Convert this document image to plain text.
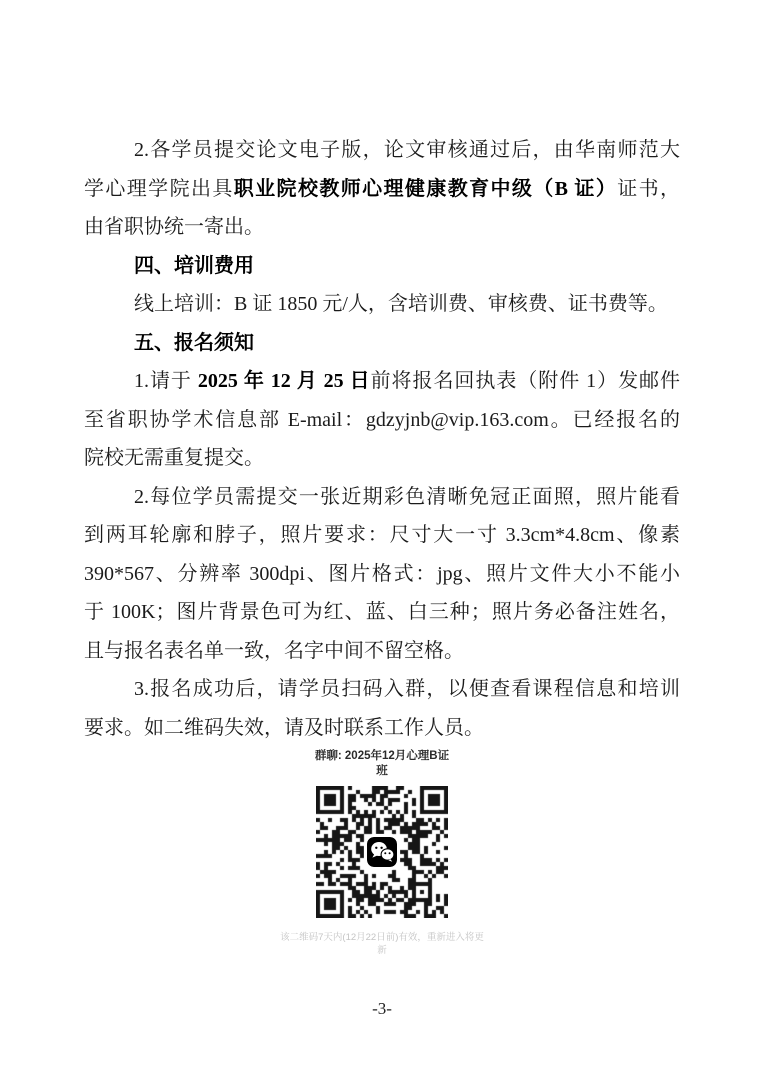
2.各学员提交论文电子版，论文审核通过后，由华南师范大
学心理学院出具职业院校教师心理健康教育中级（B 证）证书，
由省职协统一寄出。

四、培训费用

线上培训：B 证 1850 元/人，含培训费、审核费、证书费等。

五、报名须知

1.请于 2025 年 12 月 25 日前将报名回执表（附件 1）发邮件
至省职协学术信息部 E-mail：gdzyjnb@vip.163.com。已经报名的
院校无需重复提交。

2.每位学员需提交一张近期彩色清晰免冠正面照，照片能看
到两耳轮廓和脖子，照片要求：尺寸大一寸 3.3cm*4.8cm、像素
390*567、分辨率 300dpi、图片格式：jpg、照片文件大小不能小
于 100K；图片背景色可为红、蓝、白三种；照片务必备注姓名，
且与报名表名单一致，名字中间不留空格。

3.报名成功后，请学员扫码入群，以便查看课程信息和培训
要求。如二维码失效，请及时联系工作人员。

群聊: 2025年12月心理B证
班
该二维码7天内(12月22日前)有效，重新进入将更
新
-3-
